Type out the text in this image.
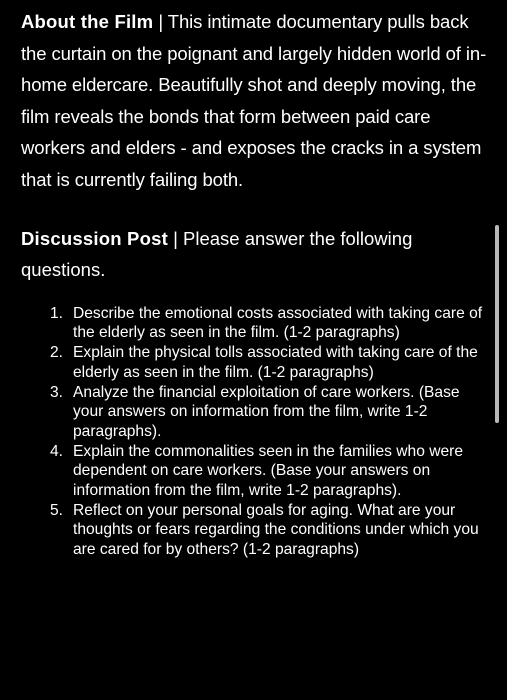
About the Film | This intimate documentary pulls back the curtain on the poignant and largely hidden world of in-home eldercare. Beautifully shot and deeply moving, the film reveals the bonds that form between paid care workers and elders - and exposes the cracks in a system that is currently failing both.

Discussion Post | Please answer the following questions.

1. Describe the emotional costs associated with taking care of the elderly as seen in the film. (1-2 paragraphs)
2. Explain the physical tolls associated with taking care of the elderly as seen in the film. (1-2 paragraphs)
3. Analyze the financial exploitation of care workers. (Base your answers on information from the film, write 1-2 paragraphs).
4. Explain the commonalities seen in the families who were dependent on care workers. (Base your answers on information from the film, write 1-2 paragraphs).
5. Reflect on your personal goals for aging. What are your thoughts or fears regarding the conditions under which you are cared for by others? (1-2 paragraphs)
